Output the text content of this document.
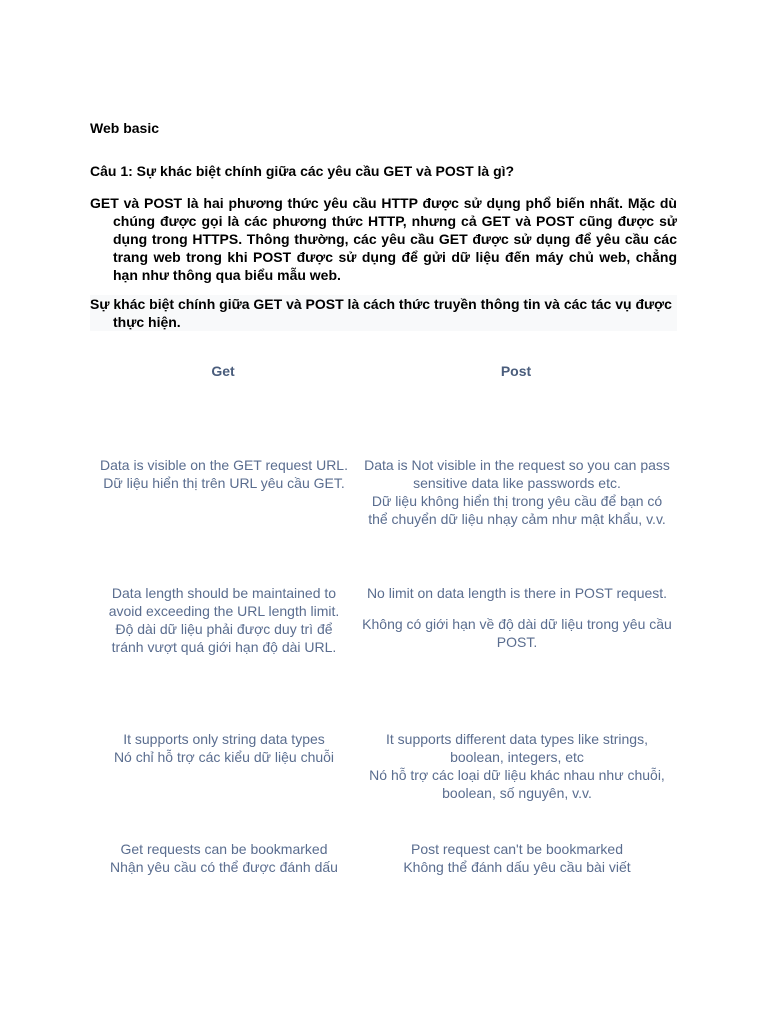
Web basic
Câu 1: Sự khác biệt chính giữa các yêu cầu GET và POST là gì?
GET và POST là hai phương thức yêu cầu HTTP được sử dụng phổ biến nhất. Mặc dù chúng được gọi là các phương thức HTTP, nhưng cả GET và POST cũng được sử dụng trong HTTPS. Thông thường, các yêu cầu GET được sử dụng để yêu cầu các trang web trong khi POST được sử dụng để gửi dữ liệu đến máy chủ web, chẳng hạn như thông qua biểu mẫu web.
Sự khác biệt chính giữa GET và POST là cách thức truyền thông tin và các tác vụ được thực hiện.
Get	Post

Data is visible on the GET request URL.

Dữ liệu hiển thị trên URL yêu cầu GET.

Data is Not visible in the request so you can pass sensitive data like passwords etc.

Dữ liệu không hiển thị trong yêu cầu để bạn có thể chuyển dữ liệu nhạy cảm như mật khẩu, v.v.

Data length should be maintained to avoid exceeding the URL length limit.

Độ dài dữ liệu phải được duy trì để tránh vượt quá giới hạn độ dài URL.

No limit on data length is there in POST request.

Không có giới hạn về độ dài dữ liệu trong yêu cầu POST.

It supports only string data types

Nó chỉ hỗ trợ các kiểu dữ liệu chuỗi

It supports different data types like strings, boolean, integers, etc

Nó hỗ trợ các loại dữ liệu khác nhau như chuỗi, boolean, số nguyên, v.v.

Get requests can be bookmarked

Nhận yêu cầu có thể được đánh dấu

Post request can't be bookmarked

Không thể đánh dấu yêu cầu bài viết
